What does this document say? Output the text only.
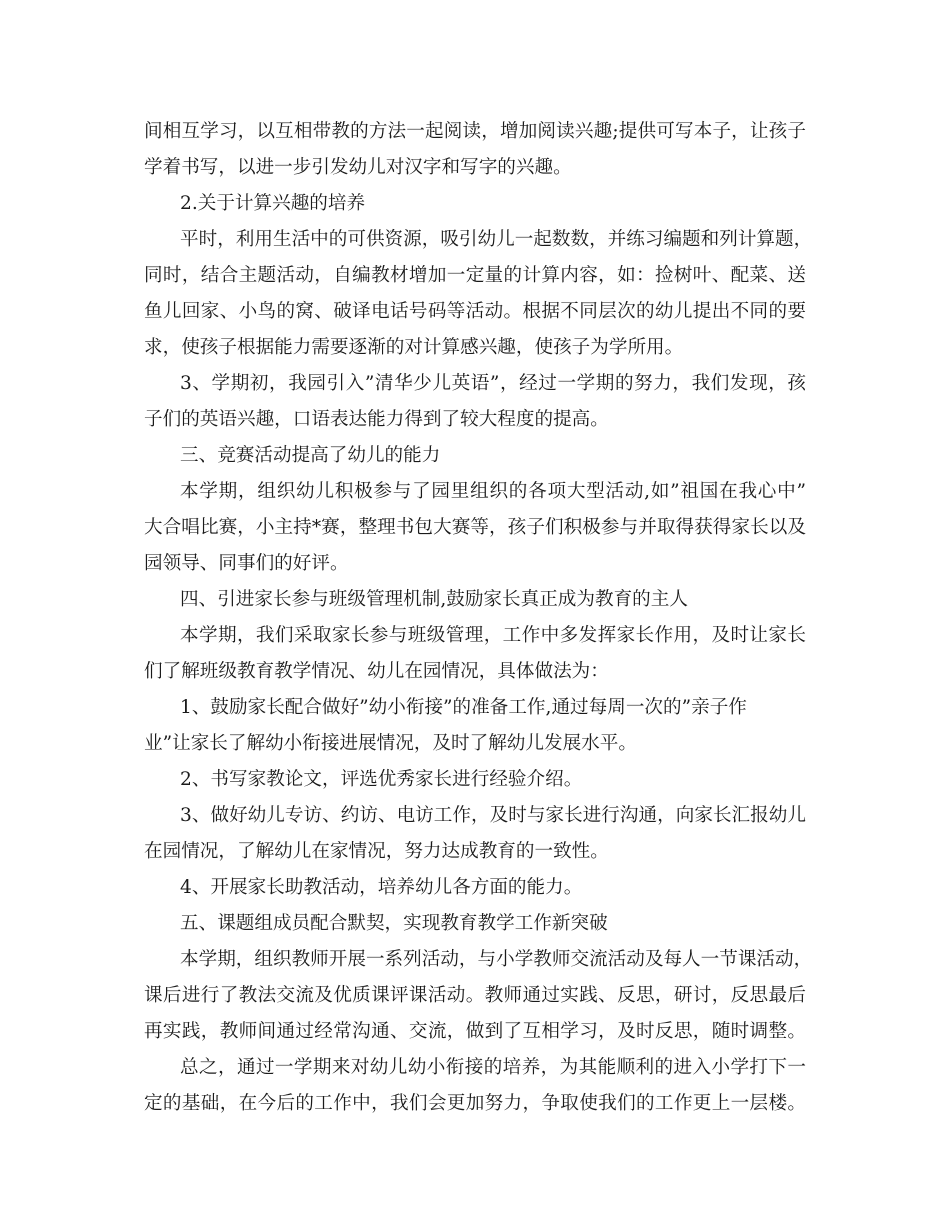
间相互学习，以互相带教的方法一起阅读，增加阅读兴趣;提供可写本子，让孩子
学着书写，以进一步引发幼儿对汉字和写字的兴趣。
2.关于计算兴趣的培养
平时，利用生活中的可供资源，吸引幼儿一起数数，并练习编题和列计算题，
同时，结合主题活动，自编教材增加一定量的计算内容，如：捡树叶、配菜、送
鱼儿回家、小鸟的窝、破译电话号码等活动。根据不同层次的幼儿提出不同的要
求，使孩子根据能力需要逐渐的对计算感兴趣，使孩子为学所用。
3、学期初，我园引入”清华少儿英语”，经过一学期的努力，我们发现，孩
子们的英语兴趣，口语表达能力得到了较大程度的提高。
三、竞赛活动提高了幼儿的能力
本学期，组织幼儿积极参与了园里组织的各项大型活动,如”祖国在我心中”
大合唱比赛，小主持*赛，整理书包大赛等，孩子们积极参与并取得获得家长以及
园领导、同事们的好评。
四、引进家长参与班级管理机制,鼓励家长真正成为教育的主人
本学期，我们采取家长参与班级管理，工作中多发挥家长作用，及时让家长
们了解班级教育教学情况、幼儿在园情况，具体做法为：
1、鼓励家长配合做好”幼小衔接”的准备工作,通过每周一次的”亲子作
业”让家长了解幼小衔接进展情况，及时了解幼儿发展水平。
2、书写家教论文，评选优秀家长进行经验介绍。
3、做好幼儿专访、约访、电访工作，及时与家长进行沟通，向家长汇报幼儿
在园情况，了解幼儿在家情况，努力达成教育的一致性。
4、开展家长助教活动，培养幼儿各方面的能力。
五、课题组成员配合默契，实现教育教学工作新突破
本学期，组织教师开展一系列活动，与小学教师交流活动及每人一节课活动，
课后进行了教法交流及优质课评课活动。教师通过实践、反思，研讨，反思最后
再实践，教师间通过经常沟通、交流，做到了互相学习，及时反思，随时调整。
总之，通过一学期来对幼儿幼小衔接的培养，为其能顺利的进入小学打下一
定的基础，在今后的工作中，我们会更加努力，争取使我们的工作更上一层楼。
